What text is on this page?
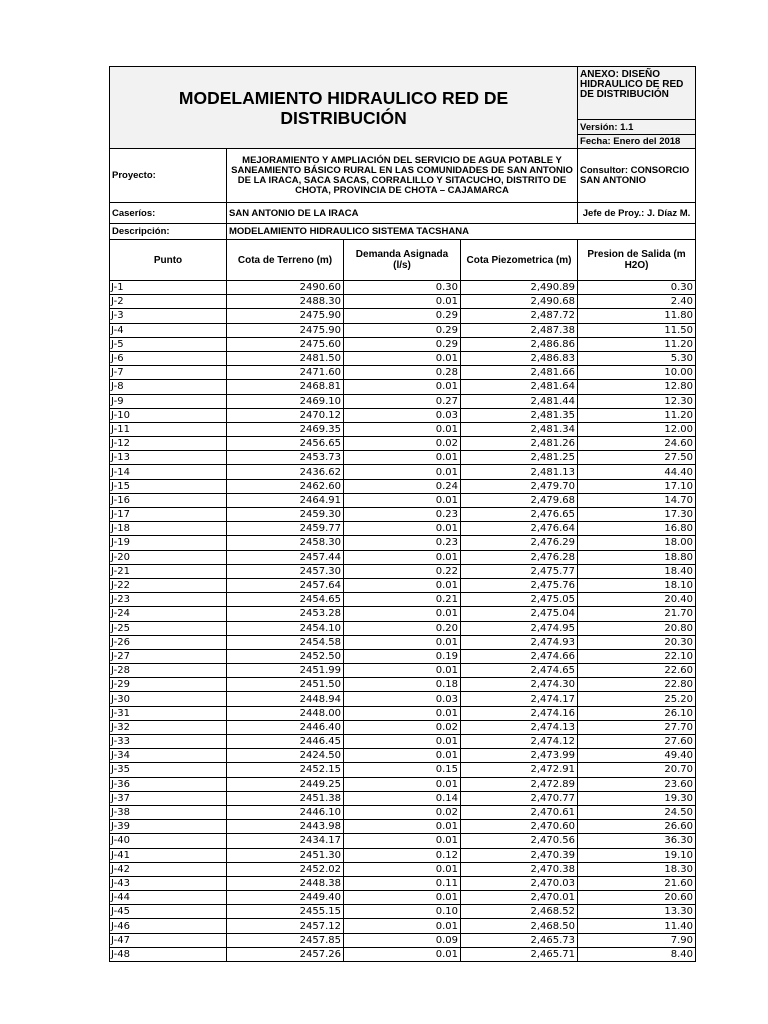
MODELAMIENTO HIDRAULICO RED DE DISTRIBUCIÓN				ANEXO: DISEÑO HIDRAULICO DE RED DE DISTRIBUCIÓN
				Versión: 1.1
				Fecha: Enero del 2018
Proyecto:	MEJORAMIENTO Y AMPLIACIÓN DEL SERVICIO DE AGUA POTABLE Y SANEAMIENTO BÁSICO RURAL EN LAS COMUNIDADES DE SAN ANTONIO DE LA IRACA, SACA SACAS, CORRALILLO Y SITACUCHO, DISTRITO DE CHOTA, PROVINCIA DE CHOTA – CAJAMARCA			Consultor: CONSORCIO SAN ANTONIO
Caseríos:	SAN ANTONIO DE LA IRACA			Jefe de Proy.: J. Díaz M.
Descripción:	MODELAMIENTO HIDRAULICO SISTEMA TACSHANA			
Punto	Cota de Terreno (m)	Demanda Asignada (l/s)	Cota Piezometrica (m)	Presion de Salida (m H2O)
J-1	2490.60	0.30	2,490.89	0.30
J-2	2488.30	0.01	2,490.68	2.40
J-3	2475.90	0.29	2,487.72	11.80
J-4	2475.90	0.29	2,487.38	11.50
J-5	2475.60	0.29	2,486.86	11.20
J-6	2481.50	0.01	2,486.83	5.30
J-7	2471.60	0.28	2,481.66	10.00
J-8	2468.81	0.01	2,481.64	12.80
J-9	2469.10	0.27	2,481.44	12.30
J-10	2470.12	0.03	2,481.35	11.20
J-11	2469.35	0.01	2,481.34	12.00
J-12	2456.65	0.02	2,481.26	24.60
J-13	2453.73	0.01	2,481.25	27.50
J-14	2436.62	0.01	2,481.13	44.40
J-15	2462.60	0.24	2,479.70	17.10
J-16	2464.91	0.01	2,479.68	14.70
J-17	2459.30	0.23	2,476.65	17.30
J-18	2459.77	0.01	2,476.64	16.80
J-19	2458.30	0.23	2,476.29	18.00
J-20	2457.44	0.01	2,476.28	18.80
J-21	2457.30	0.22	2,475.77	18.40
J-22	2457.64	0.01	2,475.76	18.10
J-23	2454.65	0.21	2,475.05	20.40
J-24	2453.28	0.01	2,475.04	21.70
J-25	2454.10	0.20	2,474.95	20.80
J-26	2454.58	0.01	2,474.93	20.30
J-27	2452.50	0.19	2,474.66	22.10
J-28	2451.99	0.01	2,474.65	22.60
J-29	2451.50	0.18	2,474.30	22.80
J-30	2448.94	0.03	2,474.17	25.20
J-31	2448.00	0.01	2,474.16	26.10
J-32	2446.40	0.02	2,474.13	27.70
J-33	2446.45	0.01	2,474.12	27.60
J-34	2424.50	0.01	2,473.99	49.40
J-35	2452.15	0.15	2,472.91	20.70
J-36	2449.25	0.01	2,472.89	23.60
J-37	2451.38	0.14	2,470.77	19.30
J-38	2446.10	0.02	2,470.61	24.50
J-39	2443.98	0.01	2,470.60	26.60
J-40	2434.17	0.01	2,470.56	36.30
J-41	2451.30	0.12	2,470.39	19.10
J-42	2452.02	0.01	2,470.38	18.30
J-43	2448.38	0.11	2,470.03	21.60
J-44	2449.40	0.01	2,470.01	20.60
J-45	2455.15	0.10	2,468.52	13.30
J-46	2457.12	0.01	2,468.50	11.40
J-47	2457.85	0.09	2,465.73	7.90
J-48	2457.26	0.01	2,465.71	8.40
